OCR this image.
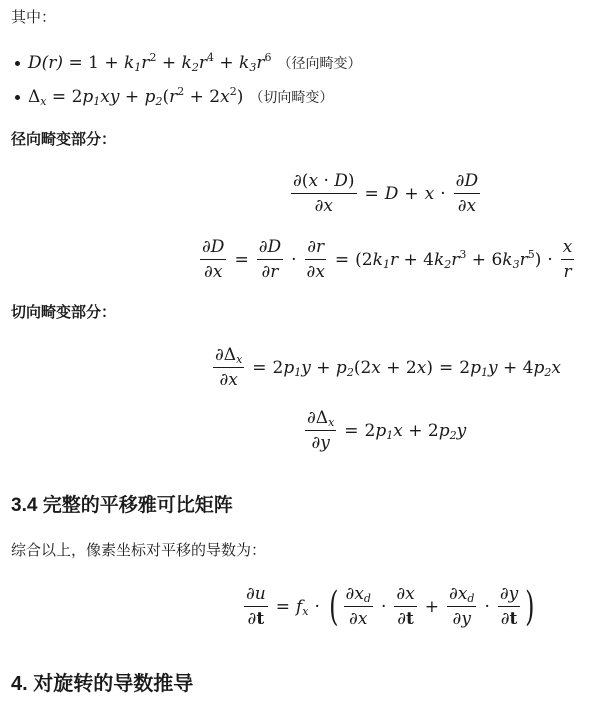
其中：
$D(r) = 1 + k_1r^2 + k_2r^4 + k_3r^6$ （径向畸变）
$\Delta_x = 2p_1xy + p_2(r^2 + 2x^2)$ （切向畸变）
径向畸变部分：
$\frac{\partial(x \cdot D)}{\partial x} = D + x \cdot \frac{\partial D}{\partial x}$
$\frac{\partial D}{\partial x} = \frac{\partial D}{\partial r} \cdot \frac{\partial r}{\partial x} = (2k_1r + 4k_2r^3 + 6k_3r^5) \cdot \frac{x}{r}$
切向畸变部分：
$\frac{\partial\Delta_x}{\partial x} = 2p_1y + p_2(2x + 2x) = 2p_1y + 4p_2x$
$\frac{\partial\Delta_x}{\partial y} = 2p_1x + 2p_2y$
3.4 完整的平移雅可比矩阵
综合以上，像素坐标对平移的导数为：
$\frac{\partial u}{\partial t} = f_x$ · ( $\frac{\partial x_d}{\partial x} \cdot \frac{\partial x}{\partial t} + \frac{\partial x_d}{\partial y} \cdot \frac{\partial y}{\partial t}$ )
4. 对旋转的导数推导
